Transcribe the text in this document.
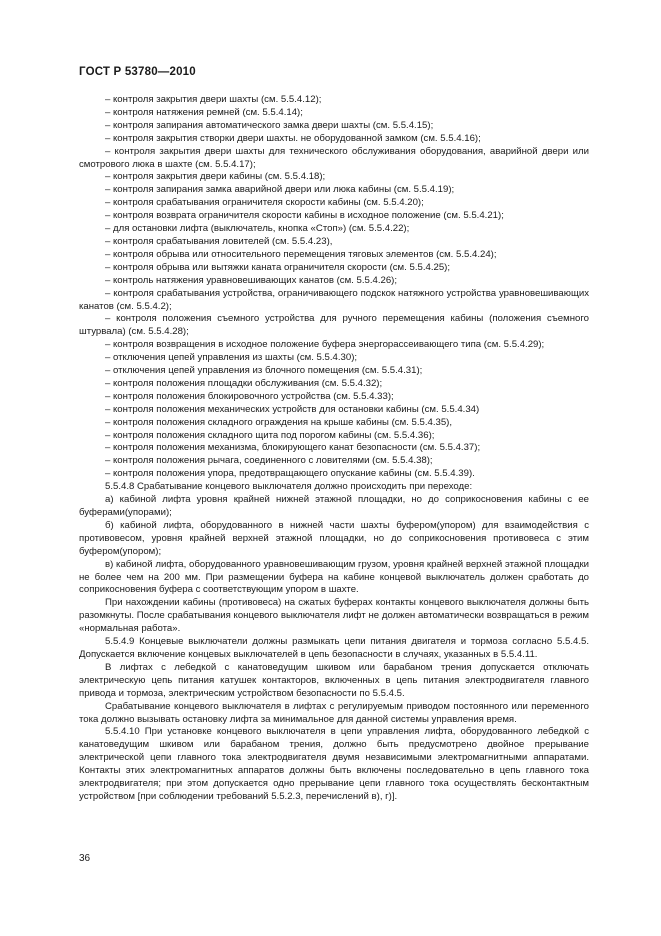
ГОСТ Р 53780—2010

– контроля закрытия двери шахты (см. 5.5.4.12);

– контроля натяжения ремней (см. 5.5.4.14);

– контроля запирания автоматического замка двери шахты (см. 5.5.4.15);

– контроля закрытия створки двери шахты. не оборудованной замком (см. 5.5.4.16);

– контроля закрытия двери шахты для технического обслуживания оборудования, аварийной двери или смотрового люка в шахте (см. 5.5.4.17);

– контроля закрытия двери кабины (см. 5.5.4.18);

– контроля запирания замка аварийной двери или люка кабины (см. 5.5.4.19);

– контроля срабатывания ограничителя скорости кабины (см. 5.5.4.20);

– контроля возврата ограничителя скорости кабины в исходное положение (см. 5.5.4.21);

– для остановки лифта (выключатель, кнопка «Стоп») (см. 5.5.4.22);

– контроля срабатывания ловителей (см. 5.5.4.23),

– контроля обрыва или относительного перемещения тяговых элементов (см. 5.5.4.24);

– контроля обрыва или вытяжки каната ограничителя скорости (см. 5.5.4.25);

– контроль натяжения уравновешивающих канатов (см. 5.5.4.26);

– контроля срабатывания устройства, ограничивающего подскок натяжного устройства уравновешивающих канатов (см. 5.5.4.2);

– контроля положения съемного устройства для ручного перемещения кабины (положения съемного штурвала) (см. 5.5.4.28);

– контроля возвращения в исходное положение буфера энергорассеивающего типа (см. 5.5.4.29);

– отключения цепей управления из шахты (см. 5.5.4.30);

– отключения цепей управления из блочного помещения (см. 5.5.4.31);

– контроля положения площадки обслуживания (см. 5.5.4.32);

– контроля положения блокировочного устройства (см. 5.5.4.33);

– контроля положения механических устройств для остановки кабины (см. 5.5.4.34)

– контроля положения складного ограждения на крыше кабины (см. 5.5.4.35),

– контроля положения складного щита под порогом кабины (см. 5.5.4.36);

– контроля положения механизма, блокирующего канат безопасности (см. 5.5.4.37);

– контроля положения рычага, соединенного с ловителями (см. 5.5.4.38);

– контроля положения упора, предотвращающего опускание кабины (см. 5.5.4.39).

5.5.4.8 Срабатывание концевого выключателя должно происходить при переходе:

а) кабиной лифта уровня крайней нижней этажной площадки, но до соприкосновения кабины с ее буферами(упорами);

б) кабиной лифта, оборудованного в нижней части шахты буфером(упором) для взаимодействия с противовесом, уровня крайней верхней этажной площадки, но до соприкосновения противовеса с этим буфером(упором);

в) кабиной лифта, оборудованного уравновешивающим грузом, уровня крайней верхней этажной площадки не более чем на 200 мм. При размещении буфера на кабине концевой выключатель должен сработать до соприкосновения буфера с соответствующим упором в шахте.

При нахождении кабины (противовеса) на сжатых буферах контакты концевого выключателя должны быть разомкнуты. После срабатывания концевого выключателя лифт не должен автоматически возвращаться в режим «нормальная работа».

5.5.4.9 Концевые выключатели должны размыкать цепи питания двигателя и тормоза согласно 5.5.4.5. Допускается включение концевых выключателей в цепь безопасности в случаях, указанных в 5.5.4.11.

В лифтах с лебедкой с канатоведущим шкивом или барабаном трения допускается отключать электрическую цепь питания катушек контакторов, включенных в цепь питания электродвигателя главного привода и тормоза, электрическим устройством безопасности по 5.5.4.5.

Срабатывание концевого выключателя в лифтах с регулируемым приводом постоянного или переменного тока должно вызывать остановку лифта за минимальное для данной системы управления время.

5.5.4.10 При установке концевого выключателя в цепи управления лифта, оборудованного лебедкой с канатоведущим шкивом или барабаном трения, должно быть предусмотрено двойное прерывание электрической цепи главного тока электродвигателя двумя независимыми электромагнитными аппаратами. Контакты этих электромагнитных аппаратов должны быть включены последовательно в цепь главного тока электродвигателя; при этом допускается одно прерывание цепи главного тока осуществлять бесконтактным устройством [при соблюдении требований 5.5.2.3, перечислений в), г)].

36
